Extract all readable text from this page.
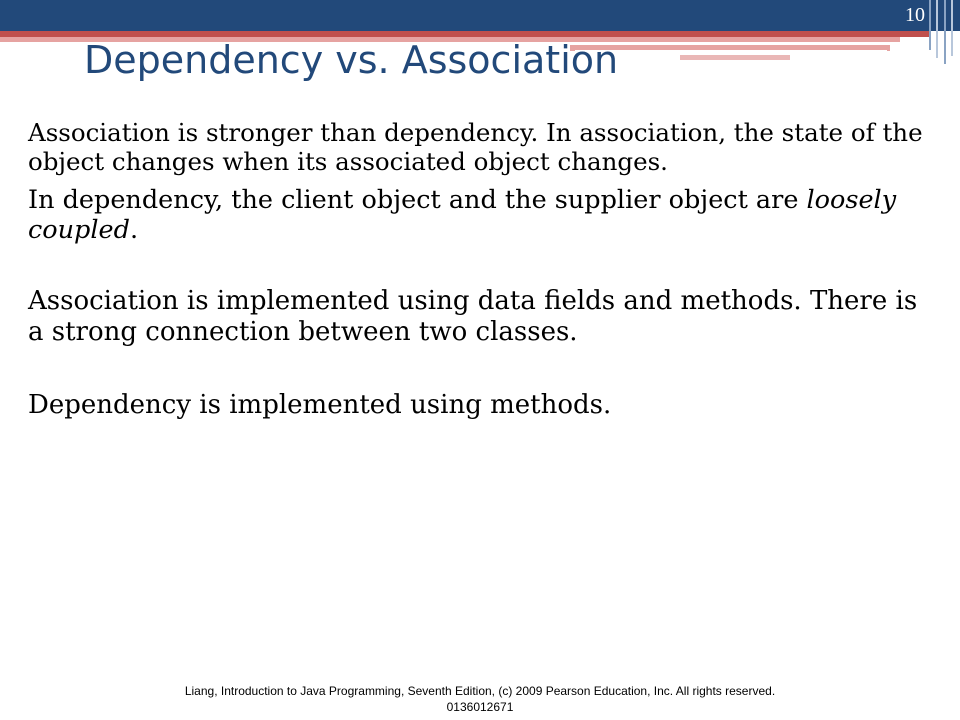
10
Dependency vs. Association

Association is stronger than dependency. In association, the state of the object changes when its associated object changes.

In dependency, the client object and the supplier object are loosely coupled.

Association is implemented using data fields and methods. There is a strong connection between two classes.

Dependency is implemented using methods.

Liang, Introduction to Java Programming, Seventh Edition, (c) 2009 Pearson Education, Inc. All rights reserved. 0136012671
